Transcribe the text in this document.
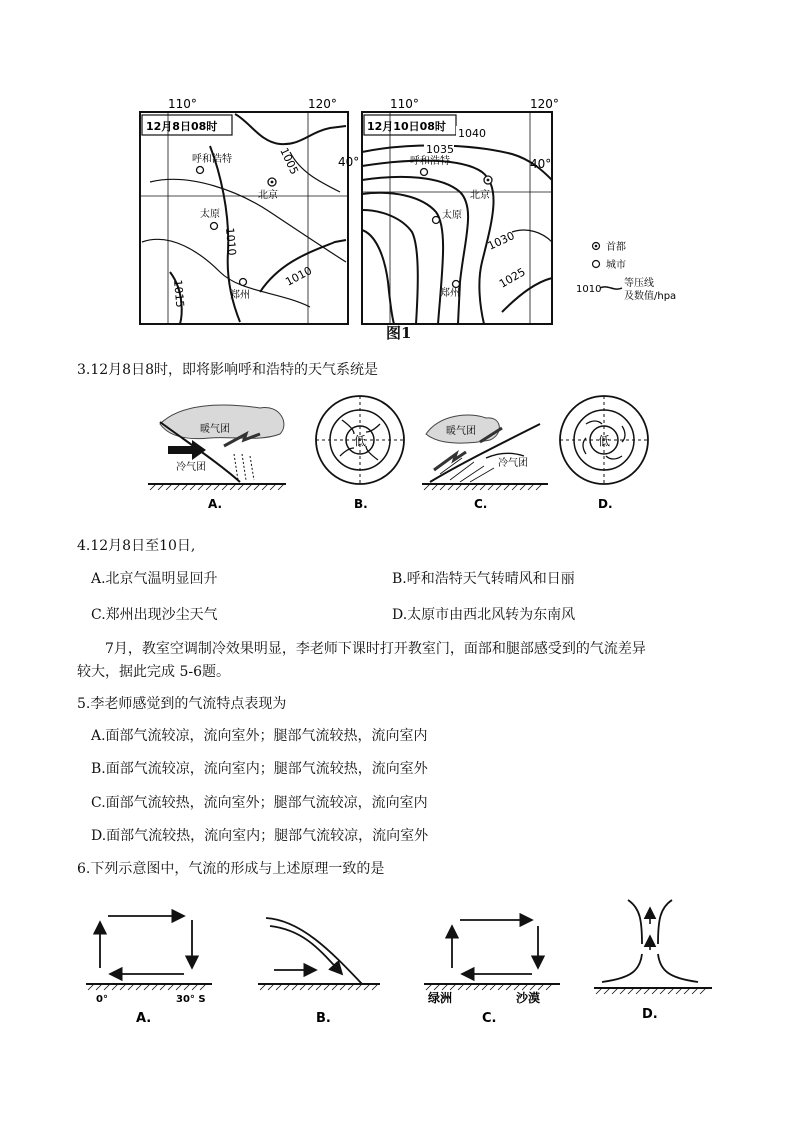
110°	120°
12月8日08时
呼和浩特
北京
太原
郑州
1005
1010
1010
1015
40°
110°	120°
12月10日08时
呼和浩特
北京
太原
郑州
1040
1035
1030
1025
40°
首都
城市
1010
等压线
及数值/hpa
图1
3.12月8日8时，即将影响呼和浩特的天气系统是
暖气团
冷气团
A.
低
B.
暖气团
冷气团
C.
低
D.
4.12月8日至10日,
A.北京气温明显回升	B.呼和浩特天气转晴风和日丽
C.郑州出现沙尘天气	D.太原市由西北风转为东南风
7月，教室空调制冷效果明显，李老师下课时打开教室门，面部和腿部感受到的气流差异
较大，据此完成 5-6题。
5.李老师感觉到的气流特点表现为
A.面部气流较凉，流向室外；腿部气流较热，流向室内
B.面部气流较凉，流向室内；腿部气流较热，流向室外
C.面部气流较热，流向室外；腿部气流较凉，流向室内
D.面部气流较热，流向室内；腿部气流较凉，流向室外
6.下列示意图中，气流的形成与上述原理一致的是
0°	30° S
A.	B.
绿洲	沙漠
C.	D.
